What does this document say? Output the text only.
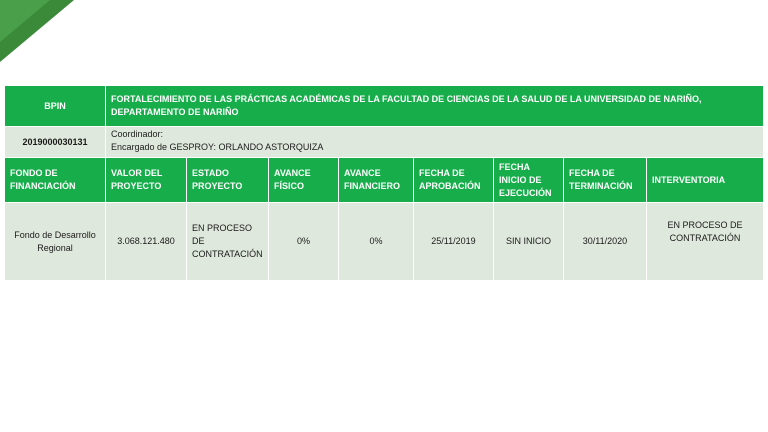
BPIN	FORTALECIMIENTO DE LAS PRÁCTICAS ACADÉMICAS DE LA FACULTAD DE CIENCIAS DE LA SALUD DE LA UNIVERSIDAD DE NARIÑO, DEPARTAMENTO DE NARIÑO							
2019000030131	Coordinador:
Encargado de GESPROY: ORLANDO ASTORQUIZA							

FONDO DE FINANCIACIÓN	VALOR DEL PROYECTO	ESTADO PROYECTO	AVANCE FÍSICO	AVANCE FINANCIERO	FECHA DE APROBACIÓN	FECHA INICIO DE EJECUCIÓN	FECHA DE TERMINACIÓN	INTERVENTORIA
Fondo de Desarrollo Regional	3.068.121.480	EN PROCESO DE CONTRATACIÓN	0%	0%	25/11/2019	SIN INICIO	30/11/2020	EN PROCESO DE CONTRATACIÓN
